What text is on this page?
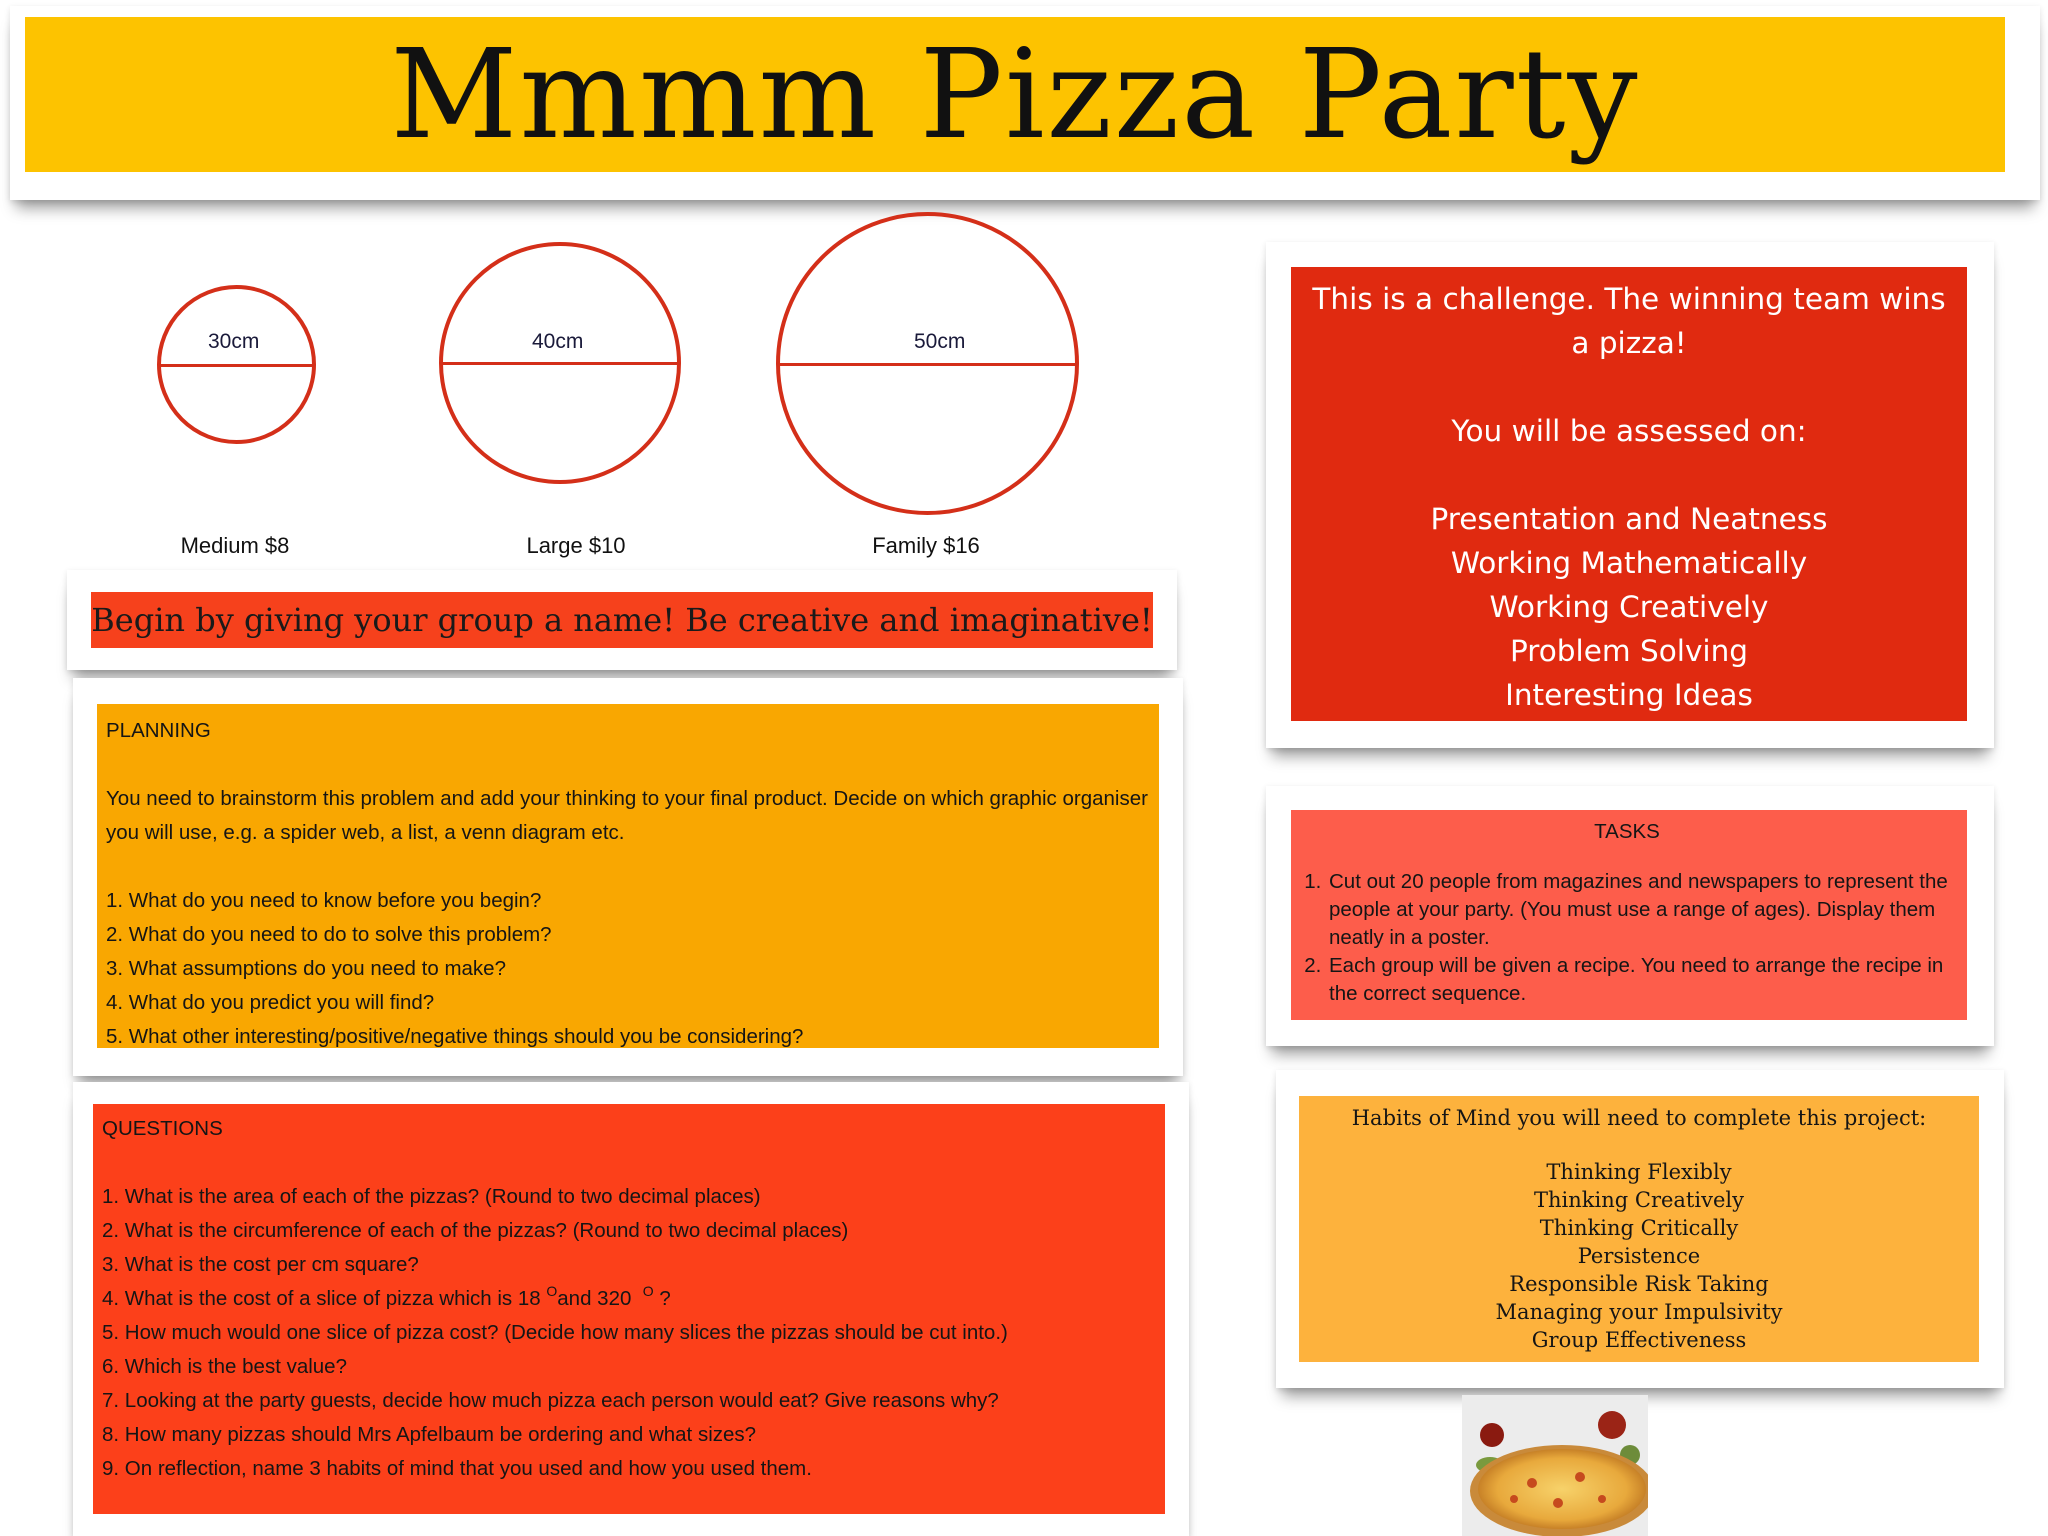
Mmmm Pizza Party
30cm	40cm	50cm
Medium $8	Large $10	Family $16
Begin by giving your group a name! Be creative and imaginative!
PLANNING
You need to brainstorm this problem and add your thinking to your final product. Decide on which graphic organiser you will use, e.g. a spider web, a list, a venn diagram etc.
1. What do you need to know before you begin?
2. What do you need to do to solve this problem?
3. What assumptions do you need to make?
4. What do you predict you will find?
5. What other interesting/positive/negative things should you be considering?
QUESTIONS
1. What is the area of each of the pizzas? (Round to two decimal places)
2. What is the circumference of each of the pizzas? (Round to two decimal places)
3. What is the cost per cm square?
4. What is the cost of a slice of pizza which is 18 $^O$and 320 $^O$ ?
5. How much would one slice of pizza cost? (Decide how many slices the pizzas should be cut into.)
6. Which is the best value?
7. Looking at the party guests, decide how much pizza each person would eat? Give reasons why?
8. How many pizzas should Mrs Apfelbaum be ordering and what sizes?
9. On reflection, name 3 habits of mind that you used and how you used them.

This is a challenge. The winning team wins a pizza!

You will be assessed on:

Presentation and Neatness

Working Mathematically

Working Creatively

Problem Solving

Interesting Ideas

TASKS
1. Cut out 20 people from magazines and newspapers to represent the people at your party. (You must use a range of ages). Display them neatly in a poster.
2. Each group will be given a recipe. You need to arrange the recipe in the correct sequence.
Habits of Mind you will need to complete this project:
Thinking Flexibly
Thinking Creatively
Thinking Critically
Persistence
Responsible Risk Taking
Managing your Impulsivity
Group Effectiveness
